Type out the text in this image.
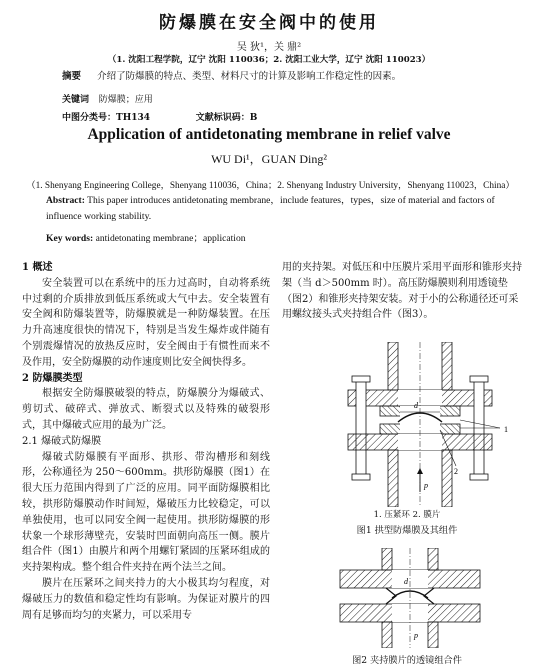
防爆膜在安全阀中的使用
吴 狄¹，关 鼎²
（1. 沈阳工程学院，辽宁 沈阳 110036；2. 沈阳工业大学，辽宁 沈阳 110023）
摘要 介绍了防爆膜的特点、类型、材料尺寸的计算及影响工作稳定性的因素。
关键词 防爆膜；应用
中图分类号：TH134	文献标识码：B
Application of antidetonating membrane in relief valve
WU Di¹，GUAN Ding²
（1. Shenyang Engineering College，Shenyang 110036，China；2. Shenyang Industry University，Shenyang 110023，China）
Abstract: This paper introduces antidetonating membrane，include features，types，size of material and factors of influence working stability.
Key words: antidetonating membrane；application
1 概述
安全装置可以在系统中的压力过高时，自动将系统中过剩的介质排放到低压系统或大气中去。安全装置有安全阀和防爆装置等，防爆膜就是一种防爆装置。在压力升高速度很快的情况下，特别是当发生爆炸或伴随有个别震爆情况的放热反应时，安全阀由于有惯性而来不及作用，安全防爆膜的动作速度则比安全阀快得多。
2 防爆膜类型
根据安全防爆膜破裂的特点，防爆膜分为爆破式、剪切式、破碎式、弹放式、断裂式以及特殊的破裂形式，其中爆破式应用的最为广泛。
2.1 爆破式防爆膜
爆破式防爆膜有平面形、拱形、带沟槽形和刻线形，公称通径为 250～600mm。拱形防爆膜（图1）在很大压力范围内得到了广泛的应用。同平面防爆膜相比较，拱形防爆膜动作时间短，爆破压力比较稳定，可以单独使用，也可以同安全阀一起使用。拱形防爆膜的形状象一个球形薄壁壳，安装时凹面朝向高压一侧。膜片组合件（图1）由膜片和两个用螺钉紧固的压紧环组成的夹持架构成。整个组合件夹持在两个法兰之间。
膜片在压紧环之间夹持力的大小极其均匀程度，对爆破压力的数值和稳定性均有影响。为保证对膜片的四周有足够而均匀的夹紧力，可以采用专
用的夹持架。对低压和中压膜片采用平面形和锥形夹持架（当 d＞500mm 时）。高压防爆膜则利用透镜垫（图2）和锥形夹持架安装。对于小的公称通径还可采用螺纹接头式夹持组合件（图3）。
d
p
1
2
1. 压紧环 2. 膜片
图1 拱型防爆膜及其组件
d
p
图2 夹持膜片的透镜组合件
